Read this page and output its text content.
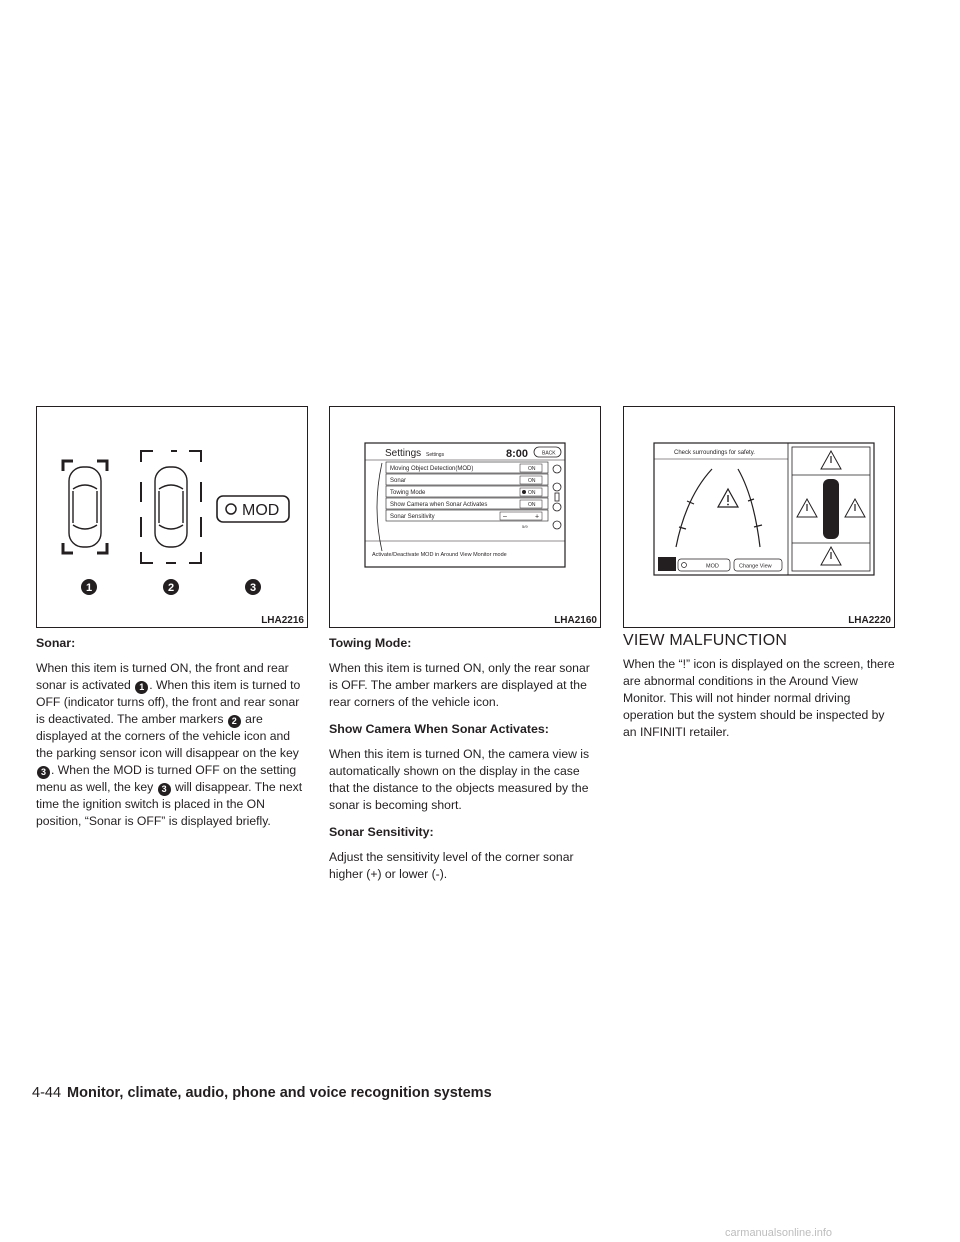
MOD
1	2	3
LHA2216
Settings Settings	8:00	BACK
Moving Object Detection(MOD)	ON
Sonar	ON
Towing Mode	ON
Show Camera when Sonar Activates	ON
Sonar Sensitivity	–	+
5/9
Activate/Deactivate MOD in Around View Monitor mode
LHA2160
Check surroundings for safety.
MOD	Change View
LHA2220
Sonar:

When this item is turned ON, the front and rear sonar is activated 1 . When this item is turned to OFF (indicator turns off), the front and rear sonar is deactivated. The amber markers 2 are displayed at the corners of the vehicle icon and the parking sensor icon will disappear on the key 3 . When the MOD is turned OFF on the setting menu as well, the key 3 will disappear. The next time the ignition switch is placed in the ON position, “Sonar is OFF” is displayed briefly.

Towing Mode:

When this item is turned ON, only the rear sonar is OFF. The amber markers are displayed at the rear corners of the vehicle icon.

Show Camera When Sonar Activates:

When this item is turned ON, the camera view is automatically shown on the display in the case that the distance to the objects measured by the sonar is becoming short.

Sonar Sensitivity:

Adjust the sensitivity level of the corner sonar higher (+) or lower (-).

VIEW MALFUNCTION

When the “!” icon is displayed on the screen, there are abnormal conditions in the Around View Monitor. This will not hinder normal driving operation but the system should be inspected by an INFINITI retailer.

4-44 Monitor, climate, audio, phone and voice recognition systems
carmanualsonline.info
